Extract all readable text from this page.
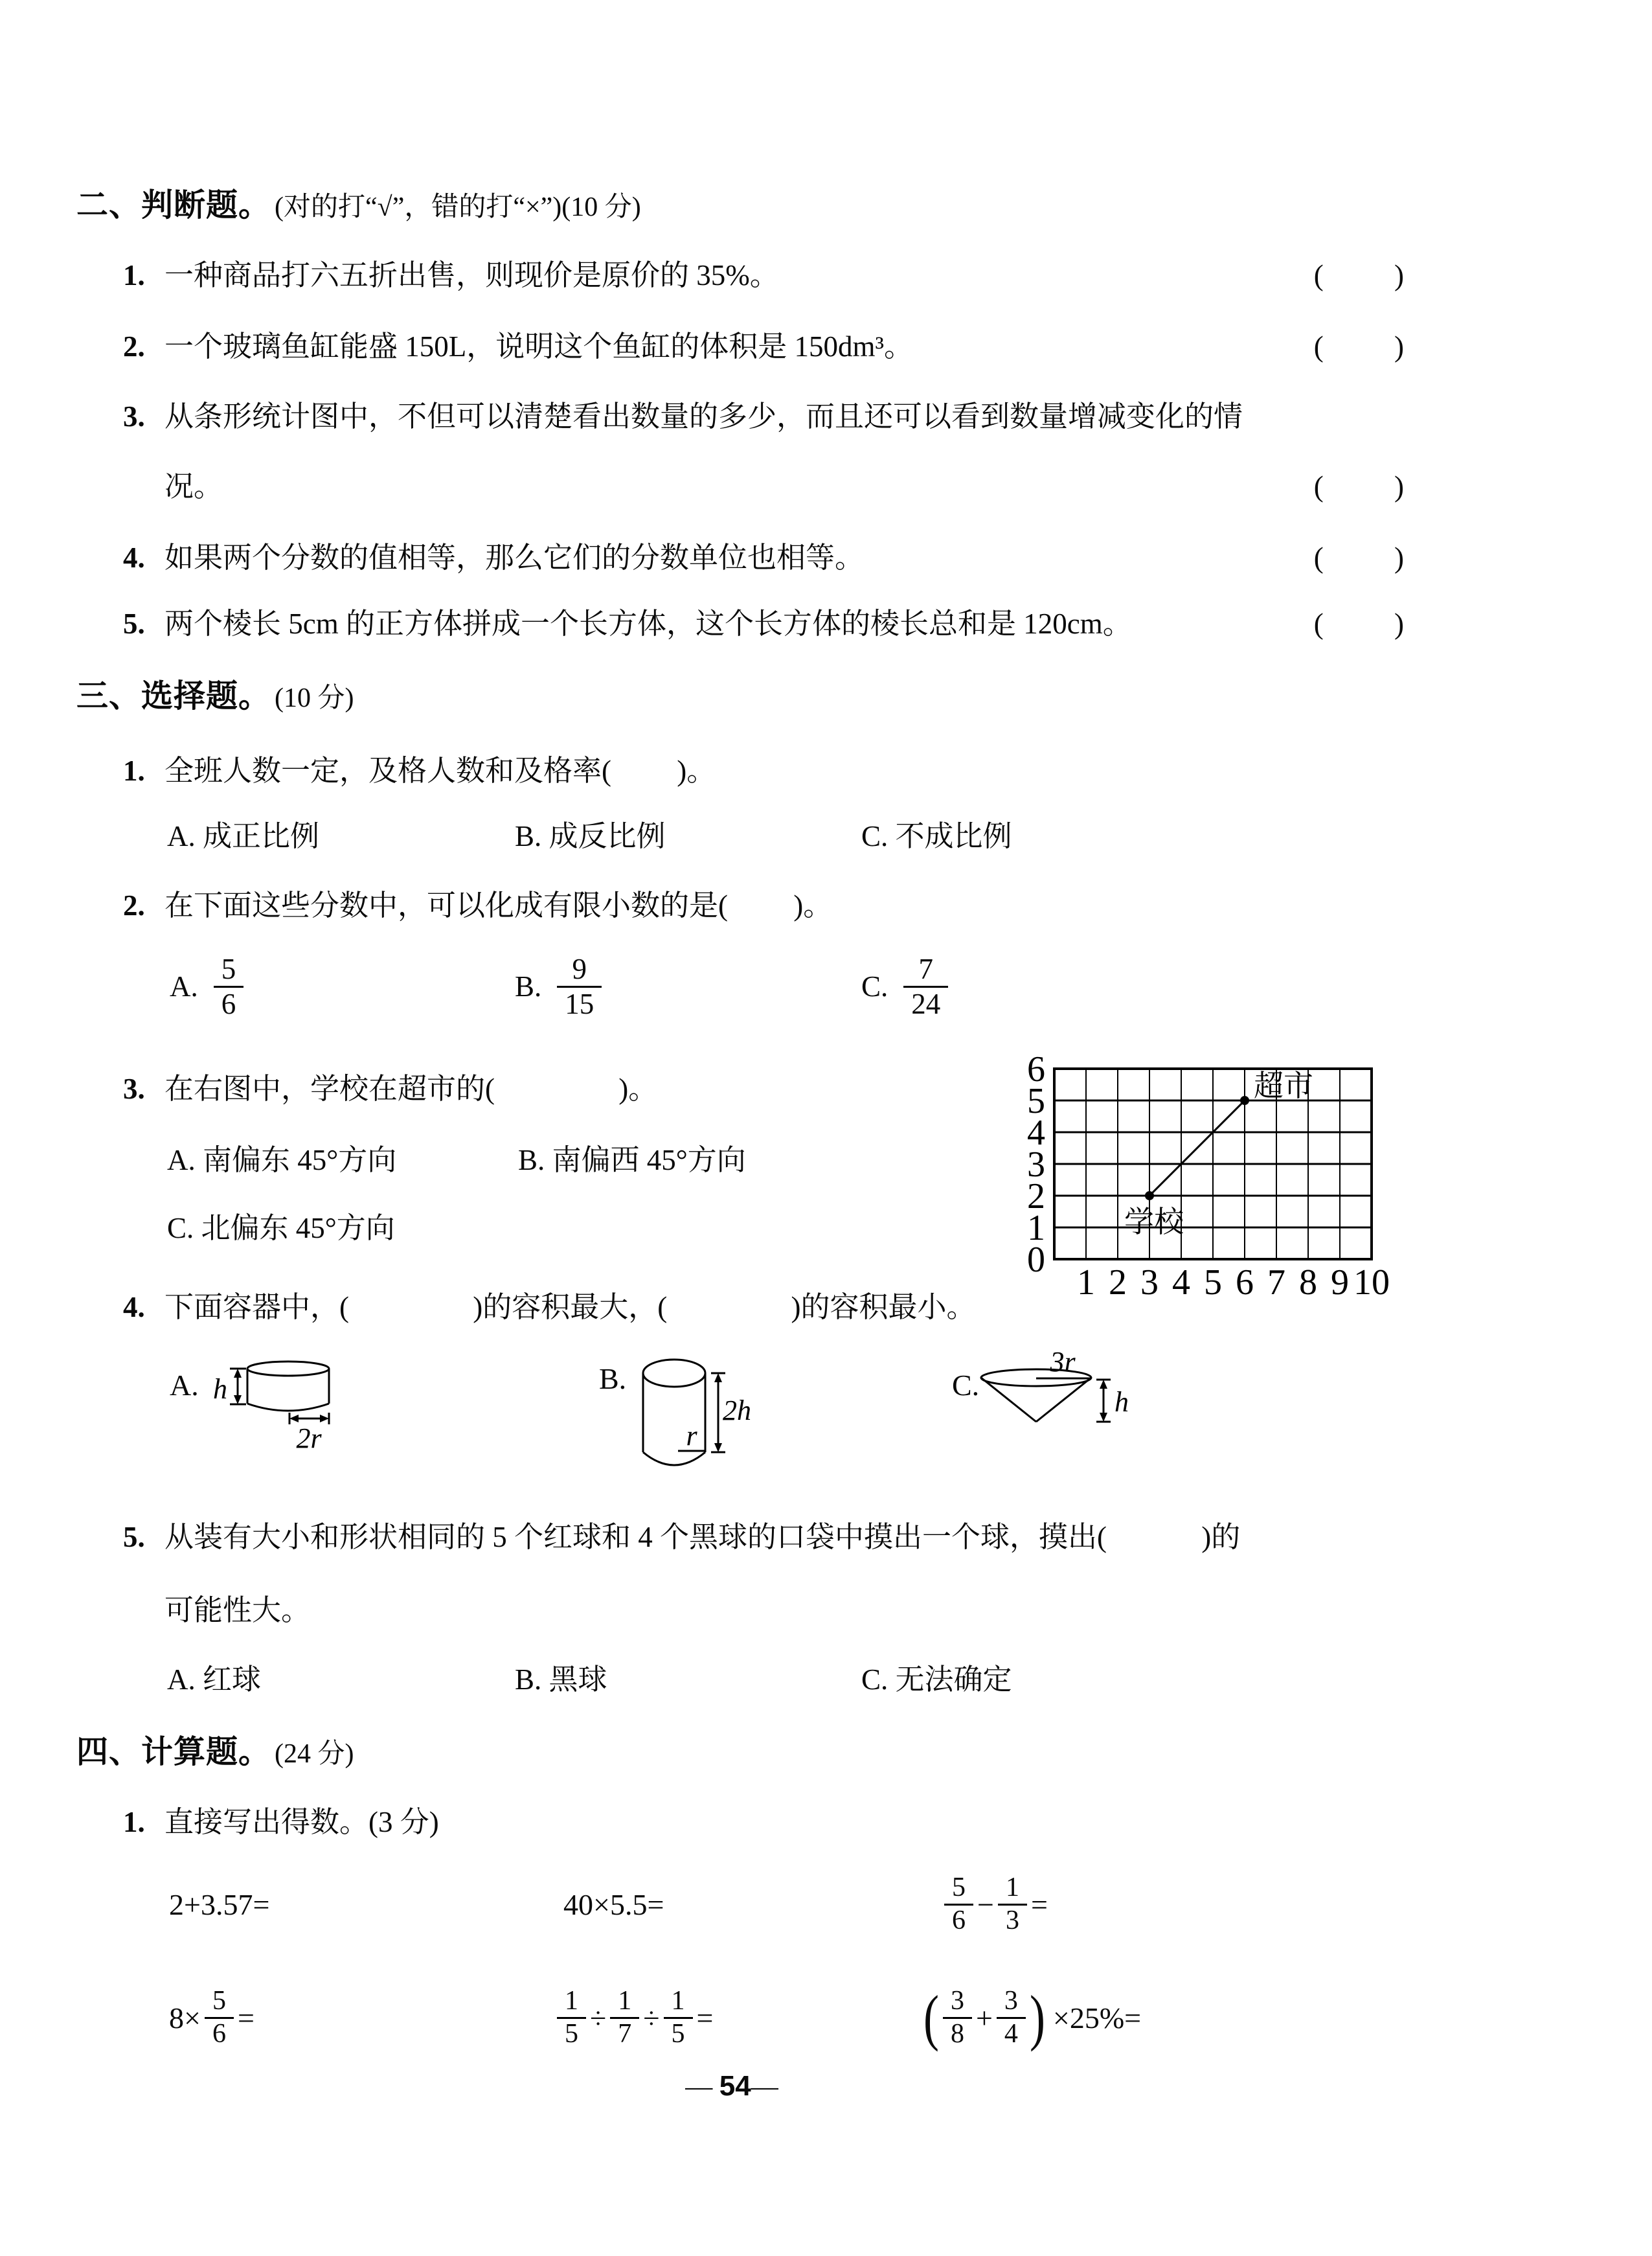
二、判断题。 (对的打“√”，错的打“×”)(10 分)
1. 一种商品打六五折出售，则现价是原价的 35%。	(　　 )
2. 一个玻璃鱼缸能盛 150L，说明这个鱼缸的体积是 150dm³。	(　　 )
3. 从条形统计图中，不但可以清楚看出数量的多少，而且还可以看到数量增减变化的情
况。	(　　 )
4. 如果两个分数的值相等，那么它们的分数单位也相等。	(　　 )
5. 两个棱长 5cm 的正方体拼成一个长方体，这个长方体的棱长总和是 120cm。	(　　 )
三、选择题。 (10 分)
1. 全班人数一定，及格人数和及格率(　　 )。
A. 成正比例	B. 成反比例	C. 不成比例
2. 在下面这些分数中，可以化成有限小数的是(　　 )。
A. $\frac{5}{6}$	B. $\frac{9}{15}$	C. $\frac{7}{24}$
3. 在右图中，学校在超市的(　　　　 )。
A. 南偏东 45°方向	B. 南偏西 45°方向
C. 北偏东 45°方向
0
1
2
3
4
5
6
1 2 3 4 5 6 7 8 9 10
学校
超市
4. 下面容器中，(　　　　 )的容积最大，(　　　　 )的容积最小。
A. h
2r
B.
r
2h
C.
3r
h
5. 从装有大小和形状相同的 5 个红球和 4 个黑球的口袋中摸出一个球，摸出(　　　 )的
可能性大。
A. 红球	B. 黑球	C. 无法确定
四、计算题。 (24 分)
1. 直接写出得数。(3 分)
2+3.57=	40×5.5=	$\frac{5}{6} - \frac{1}{3}$ =
$8\times \frac{5}{6}$ =	$\frac{1}{5} \div \frac{1}{7} \div \frac{1}{5}$ =	( $\frac{3}{8} + \frac{3}{4}$ ) ×25%=
— 54—
